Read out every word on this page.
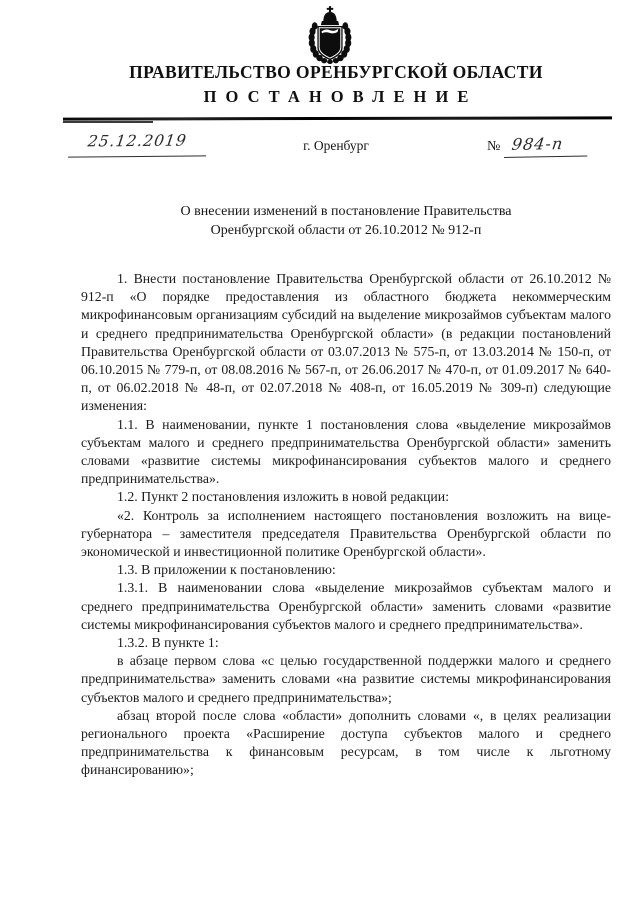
ПРАВИТЕЛЬСТВО ОРЕНБУРГСКОЙ ОБЛАСТИ
ПОСТАНОВЛЕНИЕ
25.12.2019	г. Оренбург	№ 984-п
О внесении изменений в постановление Правительства
Оренбургской области от 26.10.2012 № 912-п

1. Внести постановление Правительства Оренбургской области от 26.10.2012 № 912-п «О порядке предоставления из областного бюджета некоммерческим микрофинансовым организациям субсидий на выделение микрозаймов субъектам малого и среднего предпринимательства Оренбургской области» (в редакции постановлений Правительства Оренбургской области от 03.07.2013 № 575-п, от 13.03.2014 № 150-п, от 06.10.2015 № 779-п, от 08.08.2016 № 567-п, от 26.06.2017 № 470-п, от 01.09.2017 № 640-п, от 06.02.2018 № 48-п, от 02.07.2018 № 408-п, от 16.05.2019 № 309-п) следующие изменения:

1.1. В наименовании, пункте 1 постановления слова «выделение микрозаймов субъектам малого и среднего предпринимательства Оренбургской области» заменить словами «развитие системы микрофинансирования субъектов малого и среднего предпринимательства».

1.2. Пункт 2 постановления изложить в новой редакции:

«2. Контроль за исполнением настоящего постановления возложить на вице-губернатора – заместителя председателя Правительства Оренбургской области по экономической и инвестиционной политике Оренбургской области».

1.3. В приложении к постановлению:

1.3.1. В наименовании слова «выделение микрозаймов субъектам малого и среднего предпринимательства Оренбургской области» заменить словами «развитие системы микрофинансирования субъектов малого и среднего предпринимательства».

1.3.2. В пункте 1:

в абзаце первом слова «с целью государственной поддержки малого и среднего предпринимательства» заменить словами «на развитие системы микрофинансирования субъектов малого и среднего предпринимательства»;

абзац второй после слова «области» дополнить словами «, в целях реализации регионального проекта «Расширение доступа субъектов малого и среднего предпринимательства к финансовым ресурсам, в том числе к льготному финансированию»;
